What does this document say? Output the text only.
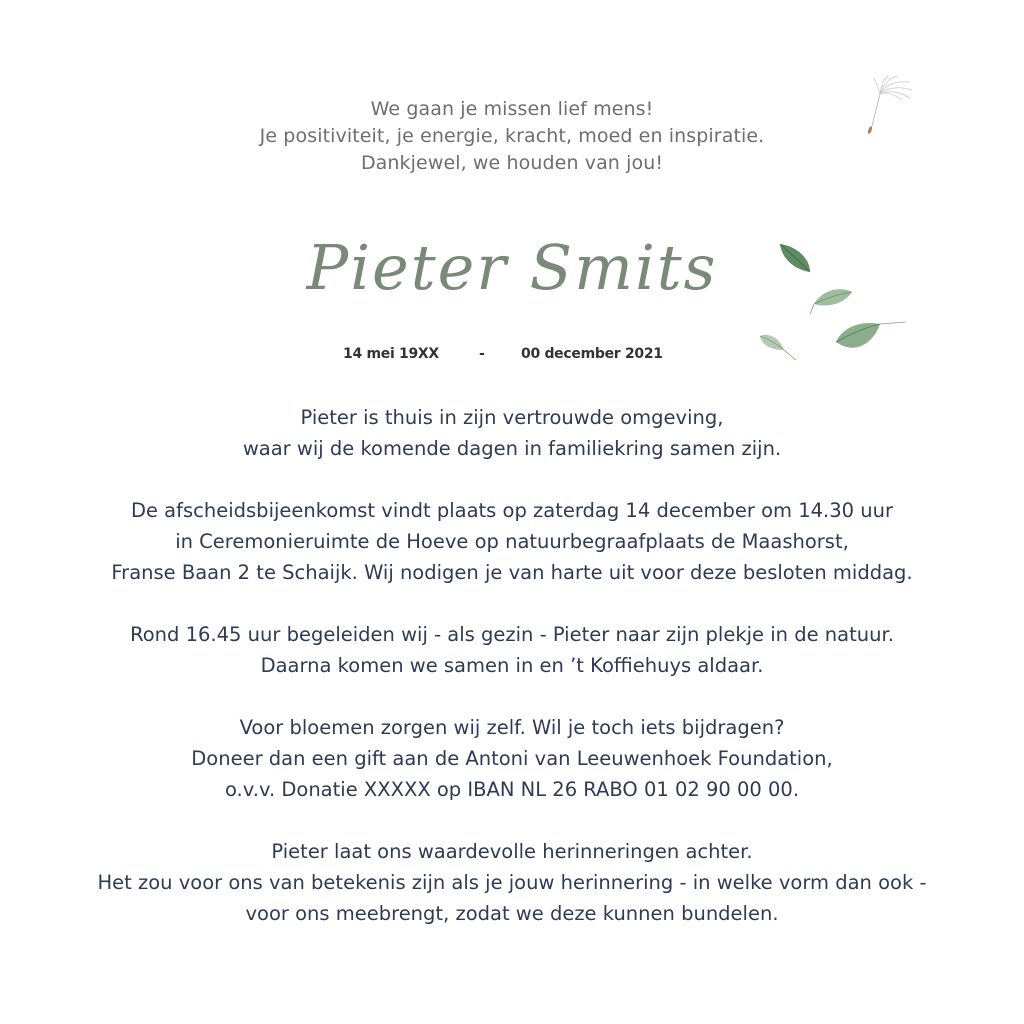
We gaan je missen lief mens!
Je positiviteit, je energie, kracht, moed en inspiratie.
Dankjewel, we houden van jou!
Pieter Smits
14 mei 19XX	-	00 december 2021
Pieter is thuis in zijn vertrouwde omgeving,
waar wij de komende dagen in familiekring samen zijn.
De afscheidsbijeenkomst vindt plaats op zaterdag 14 december om 14.30 uur
in Ceremonieruimte de Hoeve op natuurbegraafplaats de Maashorst,
Franse Baan 2 te Schaijk. Wij nodigen je van harte uit voor deze besloten middag.
Rond 16.45 uur begeleiden wij - als gezin - Pieter naar zijn plekje in de natuur.
Daarna komen we samen in en ’t Koffiehuys aldaar.
Voor bloemen zorgen wij zelf. Wil je toch iets bijdragen?
Doneer dan een gift aan de Antoni van Leeuwenhoek Foundation,
o.v.v. Donatie XXXXX op IBAN NL 26 RABO 01 02 90 00 00.
Pieter laat ons waardevolle herinneringen achter.
Het zou voor ons van betekenis zijn als je jouw herinnering - in welke vorm dan ook -
voor ons meebrengt, zodat we deze kunnen bundelen.
